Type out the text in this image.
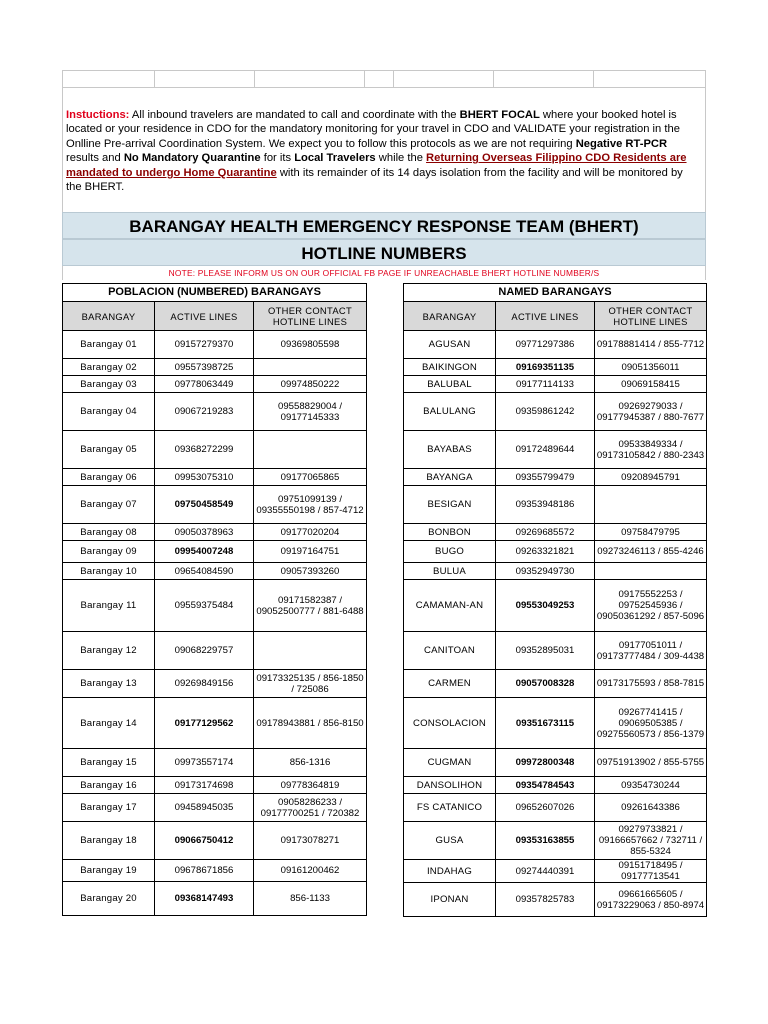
Instuctions: All inbound travelers are mandated to call and coordinate with the BHERT FOCAL where your booked hotel is located or your residence in CDO for the mandatory monitoring for your travel in CDO and VALIDATE your registration in the Onlline Pre-arrival Coordination System. We expect you to follow this protocols as we are not requiring Negative RT-PCR results and No Mandatory Quarantine for its Local Travelers while the Returning Overseas Filippino CDO Residents are mandated to undergo Home Quarantine with its remainder of its 14 days isolation from the facility and will be monitored by the BHERT.
BARANGAY HEALTH EMERGENCY RESPONSE TEAM (BHERT)
HOTLINE NUMBERS
NOTE: PLEASE INFORM US ON OUR OFFICIAL FB PAGE IF UNREACHABLE BHERT HOTLINE NUMBER/S
POBLACION (NUMBERED) BARANGAYS		
BARANGAY	ACTIVE LINES	OTHER CONTACT HOTLINE LINES
Barangay 01	09157279370	09369805598
Barangay 02	09557398725	
Barangay 03	09778063449	09974850222
Barangay 04	09067219283	09558829004 / 09177145333
Barangay 05	09368272299	
Barangay 06	09953075310	09177065865
Barangay 07	09750458549	09751099139 / 09355550198 / 857-4712
Barangay 08	09050378963	09177020204
Barangay 09	09954007248	09197164751
Barangay 10	09654084590	09057393260
Barangay 11	09559375484	09171582387 / 09052500777 / 881-6488
Barangay 12	09068229757	
Barangay 13	09269849156	09173325135 / 856-1850 / 725086
Barangay 14	09177129562	09178943881 / 856-8150
Barangay 15	09973557174	856-1316
Barangay 16	09173174698	09778364819
Barangay 17	09458945035	09058286233 / 09177700251 / 720382
Barangay 18	09066750412	09173078271
Barangay 19	09678671856	09161200462
Barangay 20	09368147493	856-1133
NAMED BARANGAYS		
BARANGAY	ACTIVE LINES	OTHER CONTACT HOTLINE LINES
AGUSAN	09771297386	09178881414 / 855-7712
BAIKINGON	09169351135	09051356011
BALUBAL	09177114133	09069158415
BALULANG	09359861242	09269279033 / 09177945387 / 880-7677
BAYABAS	09172489644	09533849334 / 09173105842 / 880-2343
BAYANGA	09355799479	09208945791
BESIGAN	09353948186	
BONBON	09269685572	09758479795
BUGO	09263321821	09273246113 / 855-4246
BULUA	09352949730	
CAMAMAN-AN	09553049253	09175552253 / 09752545936 / 09050361292 / 857-5096
CANITOAN	09352895031	09177051011 / 09173777484 / 309-4438
CARMEN	09057008328	09173175593 / 858-7815
CONSOLACION	09351673115	09267741415 / 09069505385 / 09275560573 / 856-1379
CUGMAN	09972800348	09751913902 / 855-5755
DANSOLIHON	09354784543	09354730244
FS CATANICO	09652607026	09261643386
GUSA	09353163855	09279733821 / 09166657662 / 732711 / 855-5324
INDAHAG	09274440391	09151718495 / 09177713541
IPONAN	09357825783	09661665605 / 09173229063 / 850-8974
